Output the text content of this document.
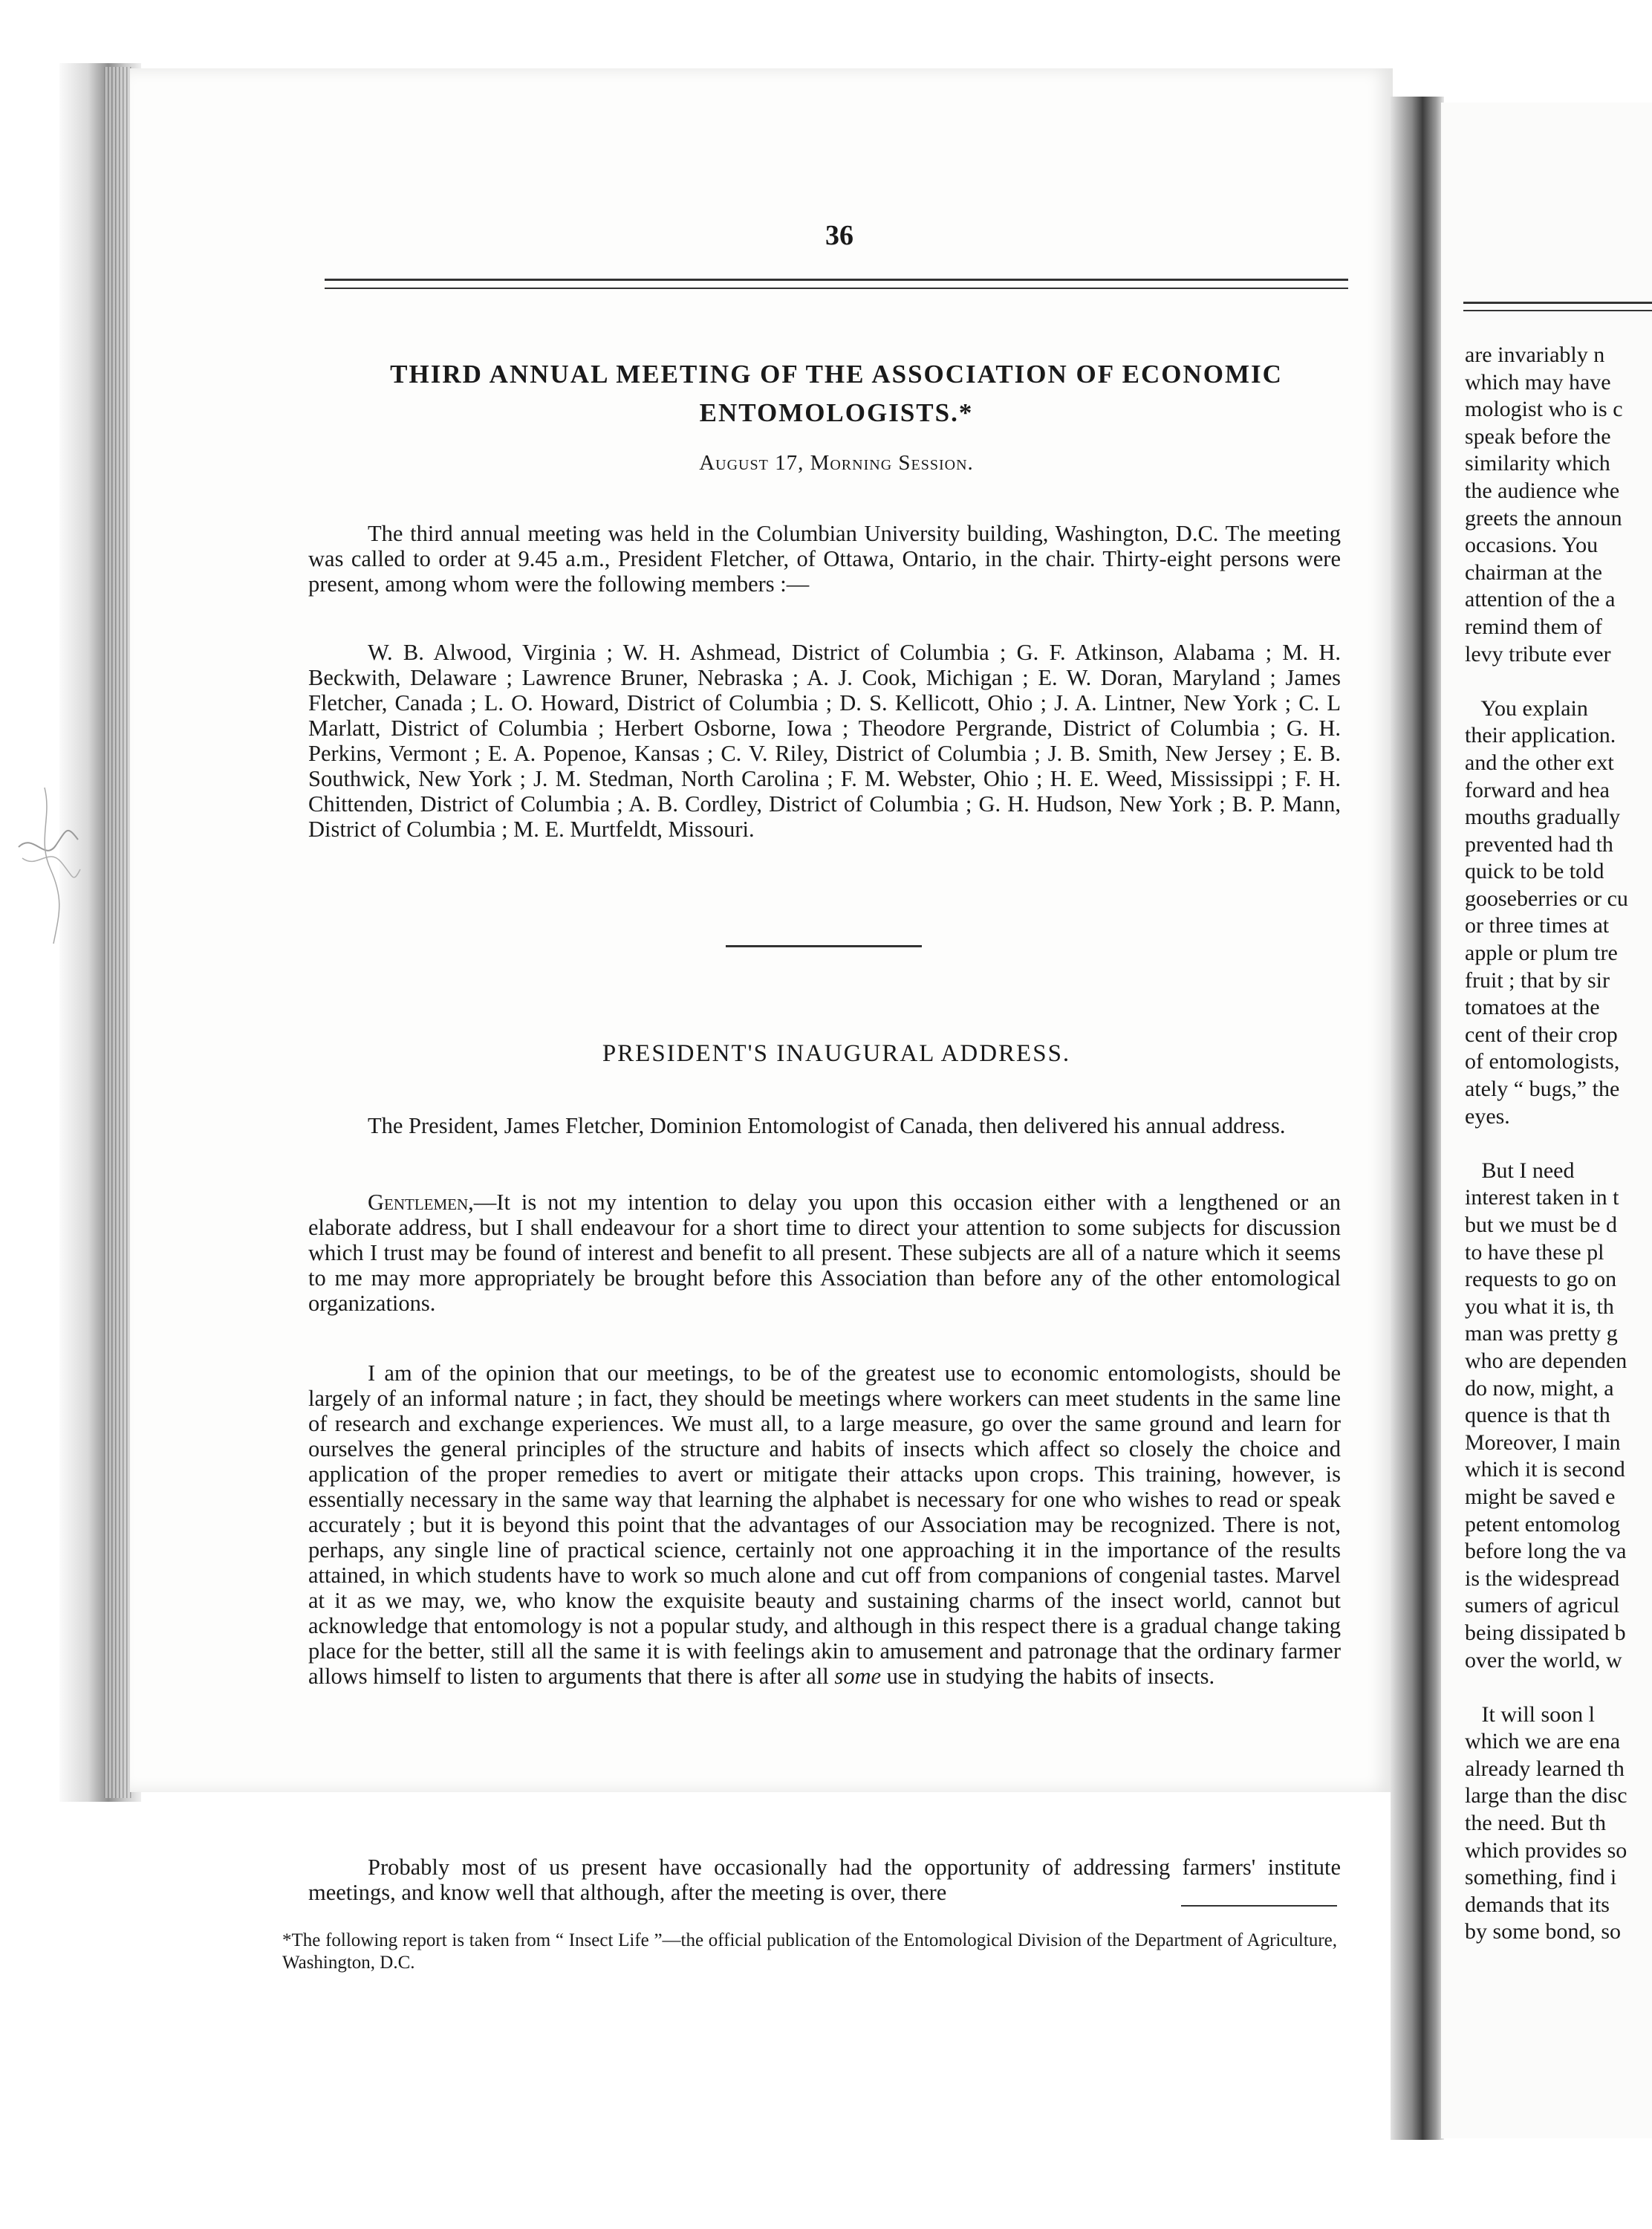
36
THIRD ANNUAL MEETING OF THE ASSOCIATION OF ECONOMIC ENTOMOLOGISTS.*
August 17, Morning Session.

The third annual meeting was held in the Columbian University building, Washington, D.C. The meeting was called to order at 9.45 a.m., President Fletcher, of Ottawa, Ontario, in the chair. Thirty-eight persons were present, among whom were the following members :—

W. B. Alwood, Virginia ; W. H. Ashmead, District of Columbia ; G. F. Atkinson, Alabama ; M. H. Beckwith, Delaware ; Lawrence Bruner, Nebraska ; A. J. Cook, Michigan ; E. W. Doran, Maryland ; James Fletcher, Canada ; L. O. Howard, District of Columbia ; D. S. Kellicott, Ohio ; J. A. Lintner, New York ; C. L Marlatt, District of Columbia ; Herbert Osborne, Iowa ; Theodore Pergrande, District of Columbia ; G. H. Perkins, Vermont ; E. A. Popenoe, Kansas ; C. V. Riley, District of Columbia ; J. B. Smith, New Jersey ; E. B. Southwick, New York ; J. M. Stedman, North Carolina ; F. M. Webster, Ohio ; H. E. Weed, Mississippi ; F. H. Chittenden, District of Columbia ; A. B. Cordley, District of Columbia ; G. H. Hudson, New York ; B. P. Mann, District of Columbia ; M. E. Murtfeldt, Missouri.

PRESIDENT'S INAUGURAL ADDRESS.

The President, James Fletcher, Dominion Entomologist of Canada, then delivered his annual address.

Gentlemen,—It is not my intention to delay you upon this occasion either with a lengthened or an elaborate address, but I shall endeavour for a short time to direct your attention to some subjects for discussion which I trust may be found of interest and benefit to all present. These subjects are all of a nature which it seems to me may more appropriately be brought before this Association than before any of the other entomological organizations.

I am of the opinion that our meetings, to be of the greatest use to economic entomologists, should be largely of an informal nature ; in fact, they should be meetings where workers can meet students in the same line of research and exchange experiences. We must all, to a large measure, go over the same ground and learn for ourselves the general principles of the structure and habits of insects which affect so closely the choice and application of the proper remedies to avert or mitigate their attacks upon crops. This training, however, is essentially necessary in the same way that learning the alphabet is necessary for one who wishes to read or speak accurately ; but it is beyond this point that the advantages of our Association may be recognized. There is not, perhaps, any single line of practical science, certainly not one approaching it in the importance of the results attained, in which students have to work so much alone and cut off from companions of congenial tastes. Marvel at it as we may, we, who know the exquisite beauty and sustaining charms of the insect world, cannot but acknowledge that entomology is not a popular study, and although in this respect there is a gradual change taking place for the better, still all the same it is with feelings akin to amusement and patronage that the ordinary farmer allows himself to listen to arguments that there is after all some use in studying the habits of insects.

Probably most of us present have occasionally had the opportunity of addressing farmers' institute meetings, and know well that although, after the meeting is over, there

*The following report is taken from “ Insect Life ”—the official publication of the Entomological Division of the Department of Agriculture, Washington, D.C.

are invariably n
which may have
mologist who is c
speak before the
similarity which
the audience whe
greets the announ
occasions. You
chairman at the
attention of the a
remind them of
levy tribute ever
You explain
their application.
and the other ext
forward and hea
mouths gradually
prevented had th
quick to be told
gooseberries or cu
or three times at
apple or plum tre
fruit ; that by sir
tomatoes at the
cent of their crop
of entomologists,
ately “ bugs,” the
eyes.
But I need
interest taken in t
but we must be d
to have these pl
requests to go on
you what it is, th
man was pretty g
who are dependen
do now, might, a
quence is that th
Moreover, I main
which it is second
might be saved e
petent entomolog
before long the va
is the widespread
sumers of agricul
being dissipated b
over the world, w
It will soon l
which we are ena
already learned th
large than the disc
the need. But th
which provides so
something, find i
demands that its
by some bond, so
